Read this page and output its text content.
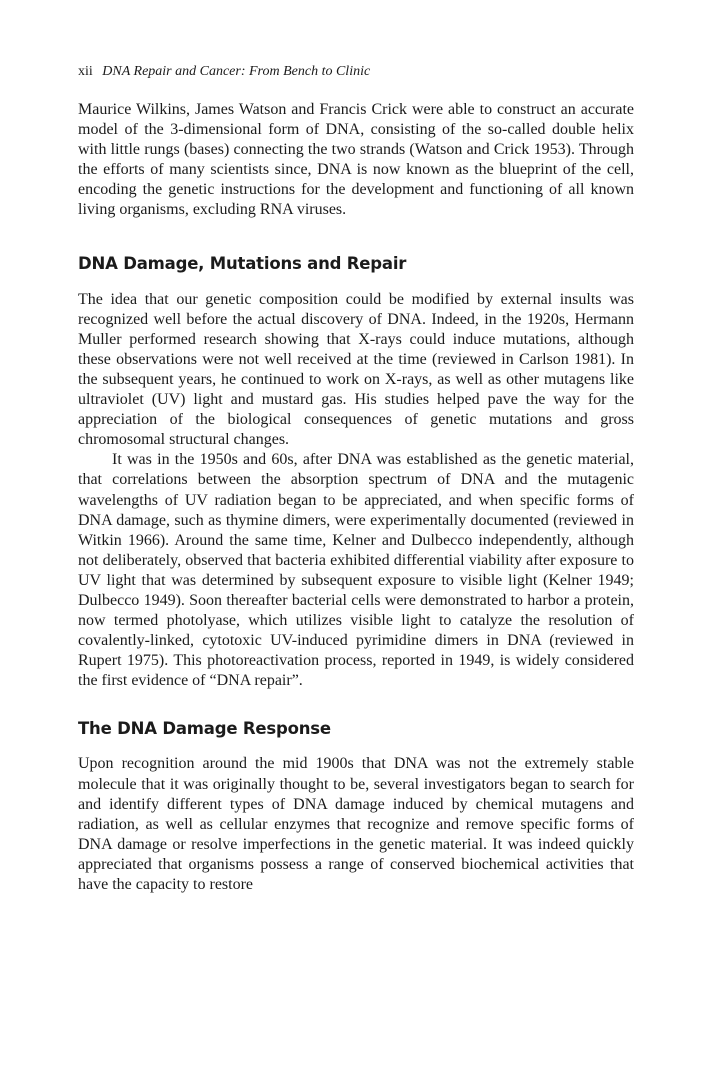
xii DNA Repair and Cancer: From Bench to Clinic

Maurice Wilkins, James Watson and Francis Crick were able to construct an accurate model of the 3-dimensional form of DNA, consisting of the so-called double helix with little rungs (bases) connecting the two strands (Watson and Crick 1953). Through the efforts of many scientists since, DNA is now known as the blueprint of the cell, encoding the genetic instructions for the development and functioning of all known living organisms, excluding RNA viruses.

DNA Damage, Mutations and Repair

The idea that our genetic composition could be modified by external insults was recognized well before the actual discovery of DNA. Indeed, in the 1920s, Hermann Muller performed research showing that X-rays could induce mutations, although these observations were not well received at the time (reviewed in Carlson 1981). In the subsequent years, he continued to work on X-rays, as well as other mutagens like ultraviolet (UV) light and mustard gas. His studies helped pave the way for the appreciation of the biological consequences of genetic mutations and gross chromosomal structural changes.

It was in the 1950s and 60s, after DNA was established as the genetic material, that correlations between the absorption spectrum of DNA and the mutagenic wavelengths of UV radiation began to be appreciated, and when specific forms of DNA damage, such as thymine dimers, were experimentally documented (reviewed in Witkin 1966). Around the same time, Kelner and Dulbecco independently, although not deliberately, observed that bacteria exhibited differential viability after exposure to UV light that was determined by subsequent exposure to visible light (Kelner 1949; Dulbecco 1949). Soon thereafter bacterial cells were demonstrated to harbor a protein, now termed photolyase, which utilizes visible light to catalyze the resolution of covalently-linked, cytotoxic UV-induced pyrimidine dimers in DNA (reviewed in Rupert 1975). This photoreactivation process, reported in 1949, is widely considered the first evidence of “DNA repair”.

The DNA Damage Response

Upon recognition around the mid 1900s that DNA was not the extremely stable molecule that it was originally thought to be, several investigators began to search for and identify different types of DNA damage induced by chemical mutagens and radiation, as well as cellular enzymes that recognize and remove specific forms of DNA damage or resolve imperfections in the genetic material. It was indeed quickly appreciated that organisms possess a range of conserved biochemical activities that have the capacity to restore
